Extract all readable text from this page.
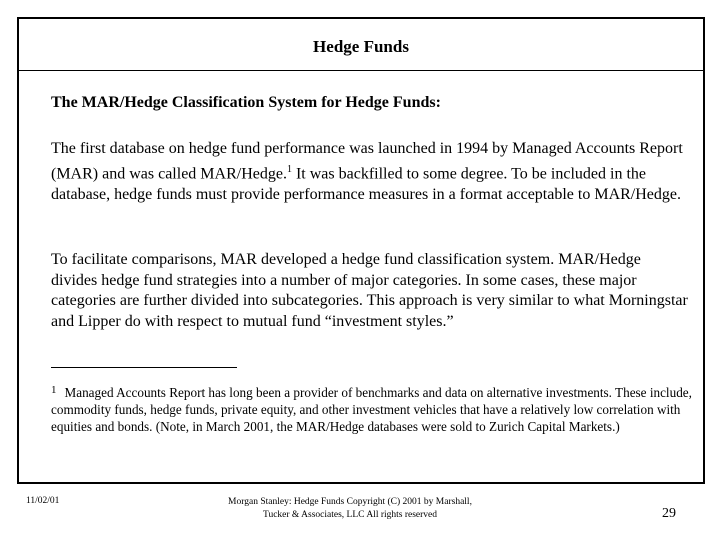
Hedge Funds
The MAR/Hedge Classification System for Hedge Funds:
The first database on hedge fund performance was launched in 1994 by Managed Accounts Report (MAR) and was called MAR/Hedge.$^1$ It was backfilled to some degree. To be included in the database, hedge funds must provide performance measures in a format acceptable to MAR/Hedge.
To facilitate comparisons, MAR developed a hedge fund classification system. MAR/Hedge divides hedge fund strategies into a number of major categories. In some cases, these major categories are further divided into subcategories. This approach is very similar to what Morningstar and Lipper do with respect to mutual fund “investment styles.”
$^1$ Managed Accounts Report has long been a provider of benchmarks and data on alternative investments. These include, commodity funds, hedge funds, private equity, and other investment vehicles that have a relatively low correlation with equities and bonds. (Note, in March 2001, the MAR/Hedge databases were sold to Zurich Capital Markets.)
11/02/01	Morgan Stanley: Hedge Funds Copyright (C) 2001 by Marshall, Tucker & Associates, LLC All rights reserved	29
